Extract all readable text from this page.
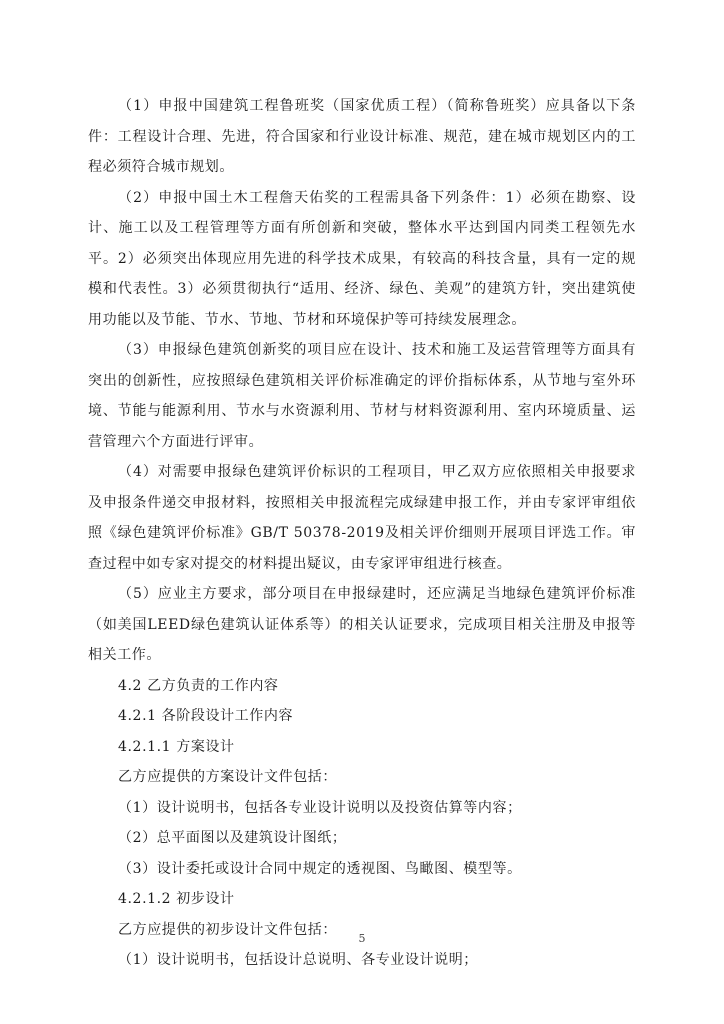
（1）申报中国建筑工程鲁班奖（国家优质工程）（简称鲁班奖）应具备以下条件：工程设计合理、先进，符合国家和行业设计标准、规范，建在城市规划区内的工程必须符合城市规划。

（2）申报中国土木工程詹天佑奖的工程需具备下列条件：1）必须在勘察、设计、施工以及工程管理等方面有所创新和突破，整体水平达到国内同类工程领先水平。2）必须突出体现应用先进的科学技术成果，有较高的科技含量，具有一定的规模和代表性。3）必须贯彻执行“适用、经济、绿色、美观”的建筑方针，突出建筑使用功能以及节能、节水、节地、节材和环境保护等可持续发展理念。

（3）申报绿色建筑创新奖的项目应在设计、技术和施工及运营管理等方面具有突出的创新性，应按照绿色建筑相关评价标准确定的评价指标体系，从节地与室外环境、节能与能源利用、节水与水资源利用、节材与材料资源利用、室内环境质量、运营管理六个方面进行评审。

（4）对需要申报绿色建筑评价标识的工程项目，甲乙双方应依照相关申报要求及申报条件递交申报材料，按照相关申报流程完成绿建申报工作，并由专家评审组依照《绿色建筑评价标准》GB/T 50378-2019及相关评价细则开展项目评选工作。审查过程中如专家对提交的材料提出疑议，由专家评审组进行核查。

（5）应业主方要求，部分项目在申报绿建时，还应满足当地绿色建筑评价标准（如美国LEED绿色建筑认证体系等）的相关认证要求，完成项目相关注册及申报等相关工作。

4.2 乙方负责的工作内容

4.2.1 各阶段设计工作内容

4.2.1.1 方案设计

乙方应提供的方案设计文件包括：

（1）设计说明书，包括各专业设计说明以及投资估算等内容；

（2）总平面图以及建筑设计图纸；

（3）设计委托或设计合同中规定的透视图、鸟瞰图、模型等。

4.2.1.2 初步设计

乙方应提供的初步设计文件包括：

（1）设计说明书，包括设计总说明、各专业设计说明；

5
